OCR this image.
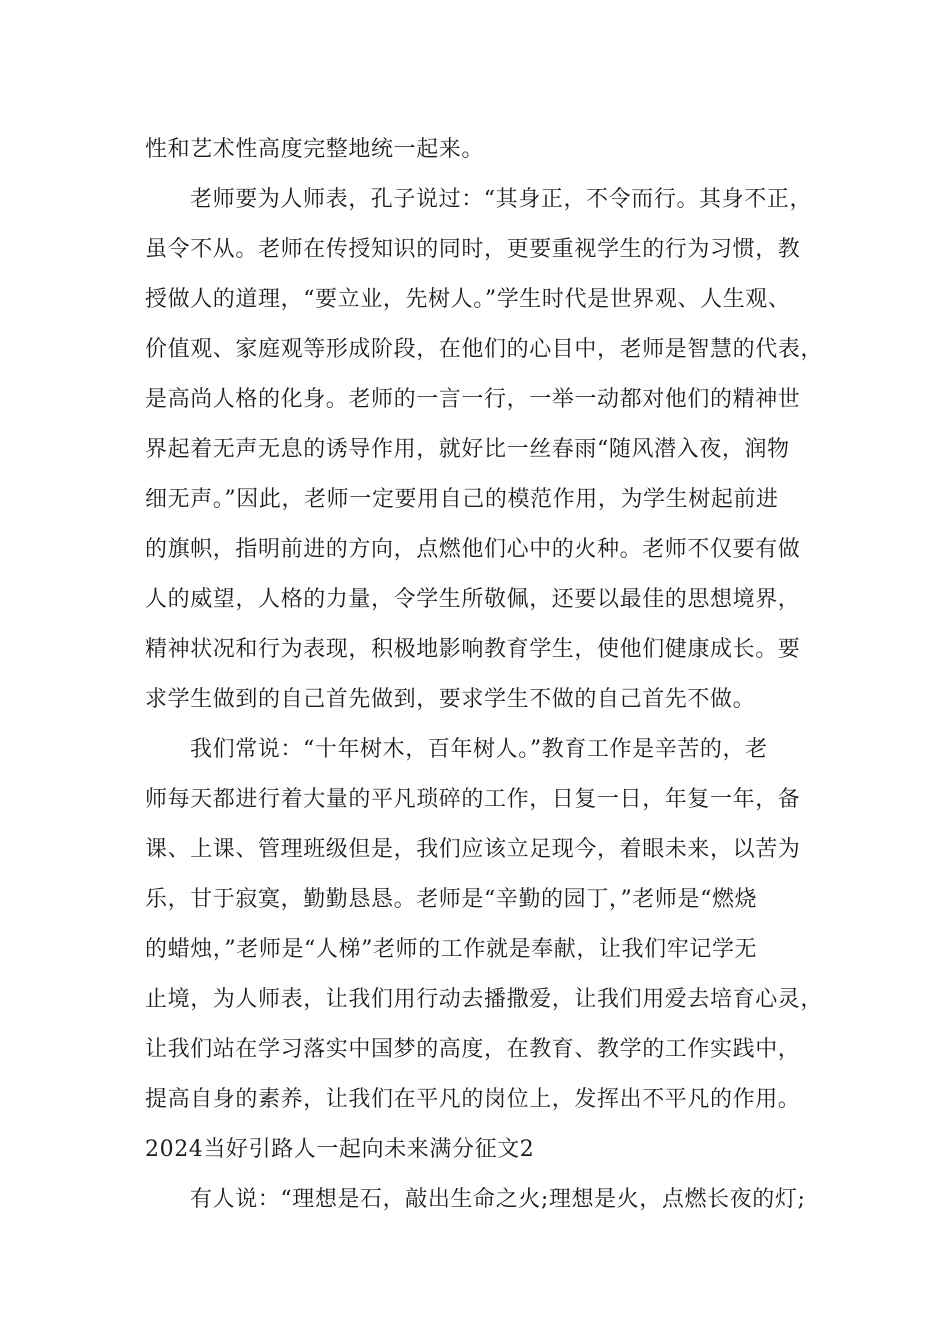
性和艺术性高度完整地统一起来。
老师要为人师表，孔子说过：“其身正，不令而行。其身不正，
虽令不从。老师在传授知识的同时，更要重视学生的行为习惯，教
授做人的道理，“要立业，先树人。”学生时代是世界观、人生观、
价值观、家庭观等形成阶段，在他们的心目中，老师是智慧的代表，
是高尚人格的化身。老师的一言一行，一举一动都对他们的精神世
界起着无声无息的诱导作用，就好比一丝春雨“随风潜入夜，润物
细无声。”因此，老师一定要用自己的模范作用，为学生树起前进
的旗帜，指明前进的方向，点燃他们心中的火种。老师不仅要有做
人的威望，人格的力量，令学生所敬佩，还要以最佳的思想境界，
精神状况和行为表现，积极地影响教育学生，使他们健康成长。要
求学生做到的自己首先做到，要求学生不做的自己首先不做。
我们常说：“十年树木，百年树人。”教育工作是辛苦的，老
师每天都进行着大量的平凡琐碎的工作，日复一日，年复一年，备
课、上课、管理班级但是，我们应该立足现今，着眼未来，以苦为
乐，甘于寂寞，勤勤恳恳。老师是“辛勤的园丁，”老师是“燃烧
的蜡烛，”老师是“人梯”老师的工作就是奉献，让我们牢记学无
止境，为人师表，让我们用行动去播撒爱，让我们用爱去培育心灵，
让我们站在学习落实中国梦的高度，在教育、教学的工作实践中，
提高自身的素养，让我们在平凡的岗位上，发挥出不平凡的作用。
2024当好引路人一起向未来满分征文2
有人说：“理想是石，敲出生命之火;理想是火，点燃长夜的灯;
